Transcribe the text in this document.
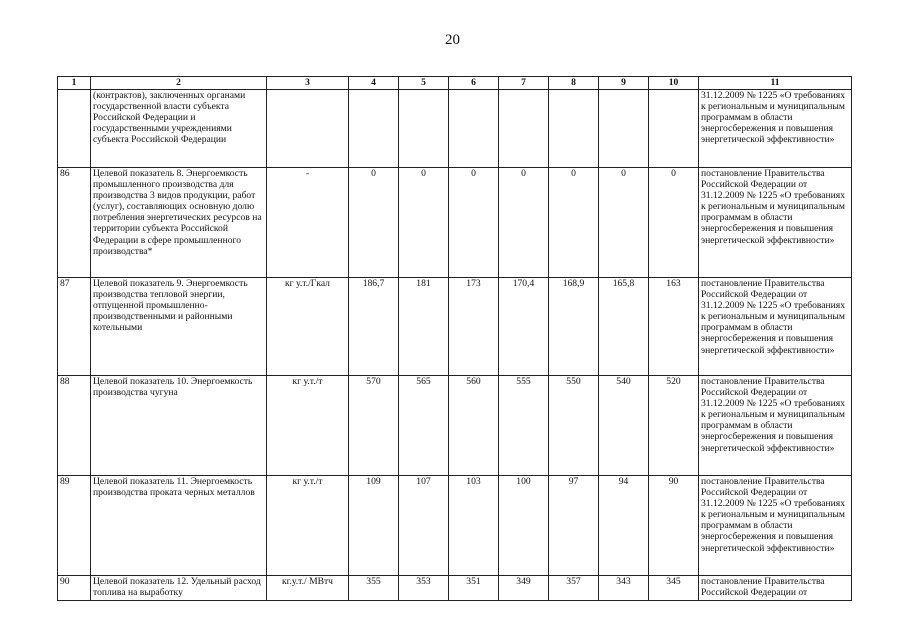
20
1	2	3	4	5	6	7	8	9	10	11
	(контрактов), заключенных органами государственной власти субъекта Российской Федерации и государственными учреждениями субъекта Российской Федерации									31.12.2009 № 1225 «О требованиях к региональным и муниципальным программам в области энергосбережения и повышения энергетической эффективности»
86	Целевой показатель 8. Энергоемкость промышленного производства для производства 3 видов продукции, работ (услуг), составляющих основную долю потребления энергетических ресурсов на территории субъекта Российской Федерации в сфере промышленного производства*	-	0	0	0	0	0	0	0	постановление Правительства Российской Федерации от 31.12.2009 № 1225 «О требованиях к региональным и муниципальным программам в области энергосбережения и повышения энергетической эффективности»
87	Целевой показатель 9. Энергоемкость производства тепловой энергии, отпущенной промышленно-производственными и районными котельными	кг у.т./Гкал	186,7	181	173	170,4	168,9	165,8	163	постановление Правительства Российской Федерации от 31.12.2009 № 1225 «О требованиях к региональным и муниципальным программам в области энергосбережения и повышения энергетической эффективности»
88	Целевой показатель 10. Энергоемкость производства чугуна	кг у.т./т	570	565	560	555	550	540	520	постановление Правительства Российской Федерации от 31.12.2009 № 1225 «О требованиях к региональным и муниципальным программам в области энергосбережения и повышения энергетической эффективности»
89	Целевой показатель 11. Энергоемкость производства проката черных металлов	кг у.т./т	109	107	103	100	97	94	90	постановление Правительства Российской Федерации от 31.12.2009 № 1225 «О требованиях к региональным и муниципальным программам в области энергосбережения и повышения энергетической эффективности»
90	Целевой показатель 12. Удельный расход топлива на выработку	кг.у.т./ МВтч	355	353	351	349	357	343	345	постановление Правительства Российской Федерации от
